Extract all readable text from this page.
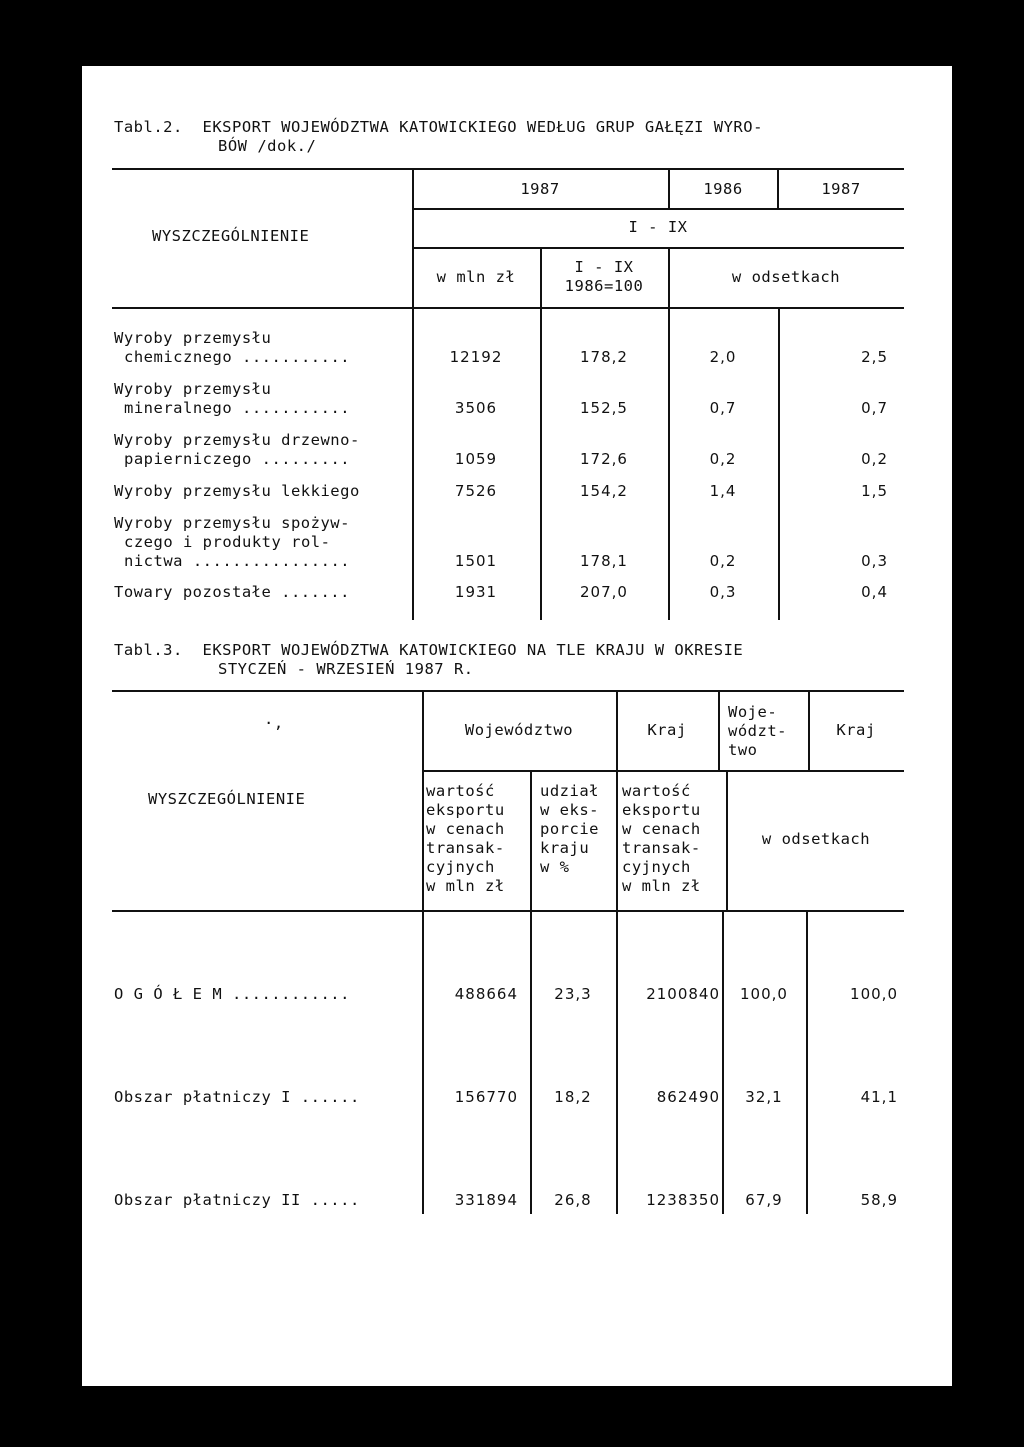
Tabl.2.  EKSPORT WOJEWÓDZTWA KATOWICKIEGO WEDŁUG GRUP GAŁĘZI WYRO-
BÓW /dok./
WYSZCZEGÓLNIENIE
1987	1986	1987
I - IX
w mln zł
I - IX
1986=100	w odsetkach
Wyroby przemysłu
chemicznego ...........	12192	178,2	2,0	2,5
Wyroby przemysłu
mineralnego ...........	3506	152,5	0,7	0,7
Wyroby przemysłu drzewno-
papierniczego .........	1059	172,6	0,2	0,2
Wyroby przemysłu lekkiego	7526	154,2	1,4	1,5
Wyroby przemysłu spożyw-
czego i produkty rol-
nictwa ................	1501	178,1	0,2	0,3
Towary pozostałe .......	1931	207,0	0,3	0,4
Tabl.3.  EKSPORT WOJEWÓDZTWA KATOWICKIEGO NA TLE KRAJU W OKRESIE
STYCZEŃ - WRZESIEŃ 1987 R.
·,
WYSZCZEGÓLNIENIE
Województwo	Kraj
Woje-
wództ-
two
Kraj
wartość
eksportu
w cenach
transak-
cyjnych
w mln zł
udział
w eks-
porcie
kraju
w %
wartość
eksportu
w cenach
transak-
cyjnych
w mln zł
w odsetkach
O G Ó Ł E M ............	488664	23,3	2100840	100,0	100,0
Obszar płatniczy I ......	156770	18,2	862490	32,1	41,1
Obszar płatniczy II .....	331894	26,8	1238350	67,9	58,9
